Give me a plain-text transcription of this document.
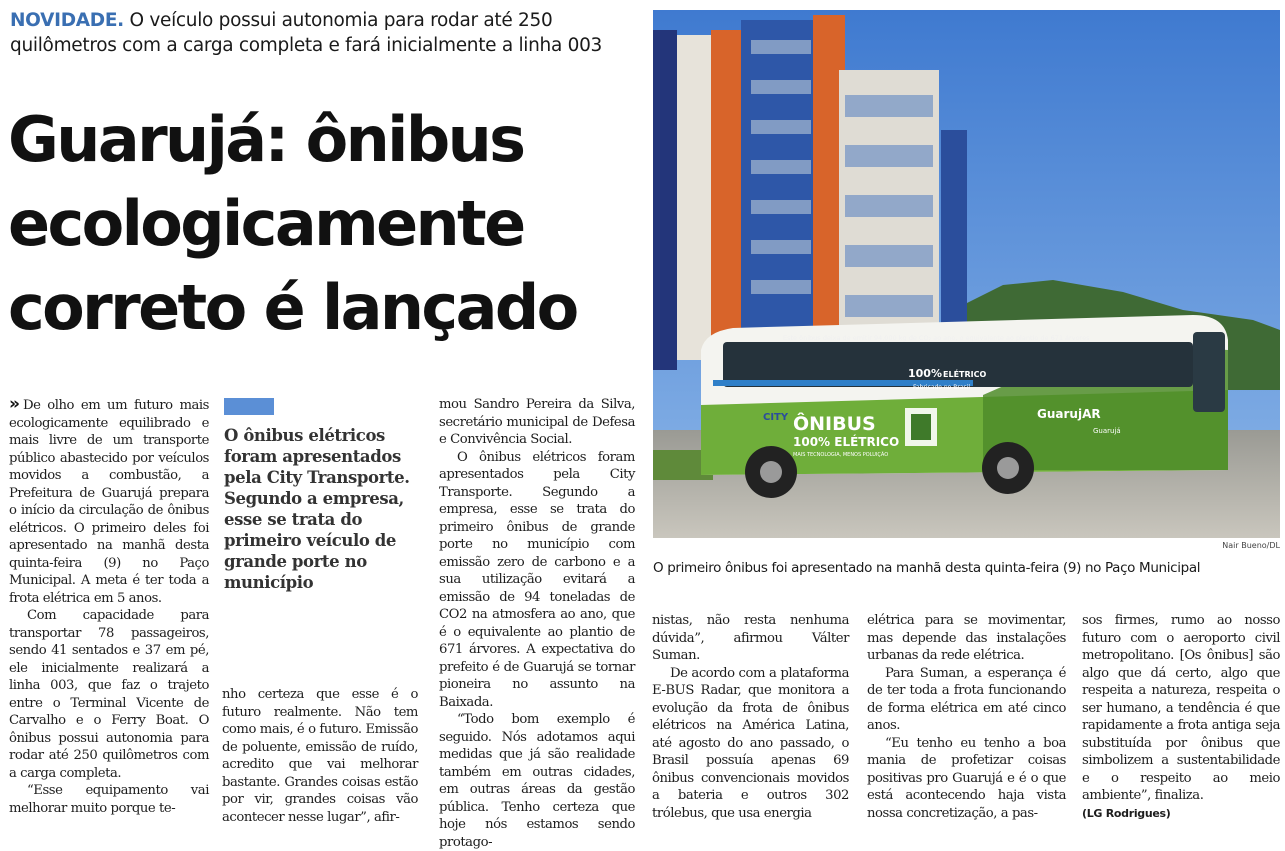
NOVIDADE. O veículo possui autonomia para rodar até 250 quilômetros com a carga completa e fará inicialmente a linha 003
Guarujá: ônibus
ecologicamente
correto é lançado	Este ônibus deixa de emitir 94,000 kg de CO₂ ao ano, o equivalente ao plantio de 671 árvores
100% ELÉTRICO
Fabricado no Brasil
CITY ÔNIBUS
100% ELÉTRICO
MAIS TECNOLOGIA, MENOS POLUIÇÃO
GuarujAR
Guarujá
Nair Bueno/DL
O primeiro ônibus foi apresentado na manhã desta quinta-feira (9) no Paço Municipal

» De olho em um futuro mais ecologicamente equilibrado e mais livre de um transporte público abastecido por veículos movidos a combustão, a Prefeitura de Guarujá prepara o início da circulação de ônibus elétricos. O primeiro deles foi apresentado na manhã desta quinta-feira (9) no Paço Municipal. A meta é ter toda a frota elétrica em 5 anos.

Com capacidade para transportar 78 passageiros, sendo 41 sentados e 37 em pé, ele inicialmente realizará a linha 003, que faz o trajeto entre o Terminal Vicente de Carvalho e o Ferry Boat. O ônibus possui autonomia para rodar até 250 quilômetros com a carga completa.

“Esse equipamento vai melhorar muito porque te-

O ônibus elétricos foram apresentados pela City Transporte. Segundo a empresa, esse se trata do primeiro veículo de grande porte no município

nho certeza que esse é o futuro realmente. Não tem como mais, é o futuro. Emissão de poluente, emissão de ruído, acredito que vai melhorar bastante. Grandes coisas estão por vir, grandes coisas vão acontecer nesse lugar”, afir-

mou Sandro Pereira da Silva, secretário municipal de Defesa e Convivência Social.

O ônibus elétricos foram apresentados pela City Transporte. Segundo a empresa, esse se trata do primeiro ônibus de grande porte no município com emissão zero de carbono e a sua utilização evitará a emissão de 94 toneladas de CO2 na atmosfera ao ano, que é o equivalente ao plantio de 671 árvores. A expectativa do prefeito é de Guarujá se tornar pioneira no assunto na Baixada.

“Todo bom exemplo é seguido. Nós adotamos aqui medidas que já são realidade também em outras cidades, em outras áreas da gestão pública. Tenho certeza que hoje nós estamos sendo protago-

nistas, não resta nenhuma dúvida”, afirmou Válter Suman.

De acordo com a plataforma E-BUS Radar, que monitora a evolução da frota de ônibus elétricos na América Latina, até agosto do ano passado, o Brasil possuía apenas 69 ônibus convencionais movidos a bateria e outros 302 trólebus, que usa energia

elétrica para se movimentar, mas depende das instalações urbanas da rede elétrica.

Para Suman, a esperança é de ter toda a frota funcionando de forma elétrica em até cinco anos.

“Eu tenho eu tenho a boa mania de profetizar coisas positivas pro Guarujá e é o que está acontecendo haja vista nossa concretização, a pas-

sos firmes, rumo ao nosso futuro com o aeroporto civil metropolitano. [Os ônibus] são algo que dá certo, algo que respeita a natureza, respeita o ser humano, a tendência é que rapidamente a frota antiga seja substituída por ônibus que simbolizem a sustentabilidade e o respeito ao meio ambiente”, finaliza.

(LG Rodrigues)
